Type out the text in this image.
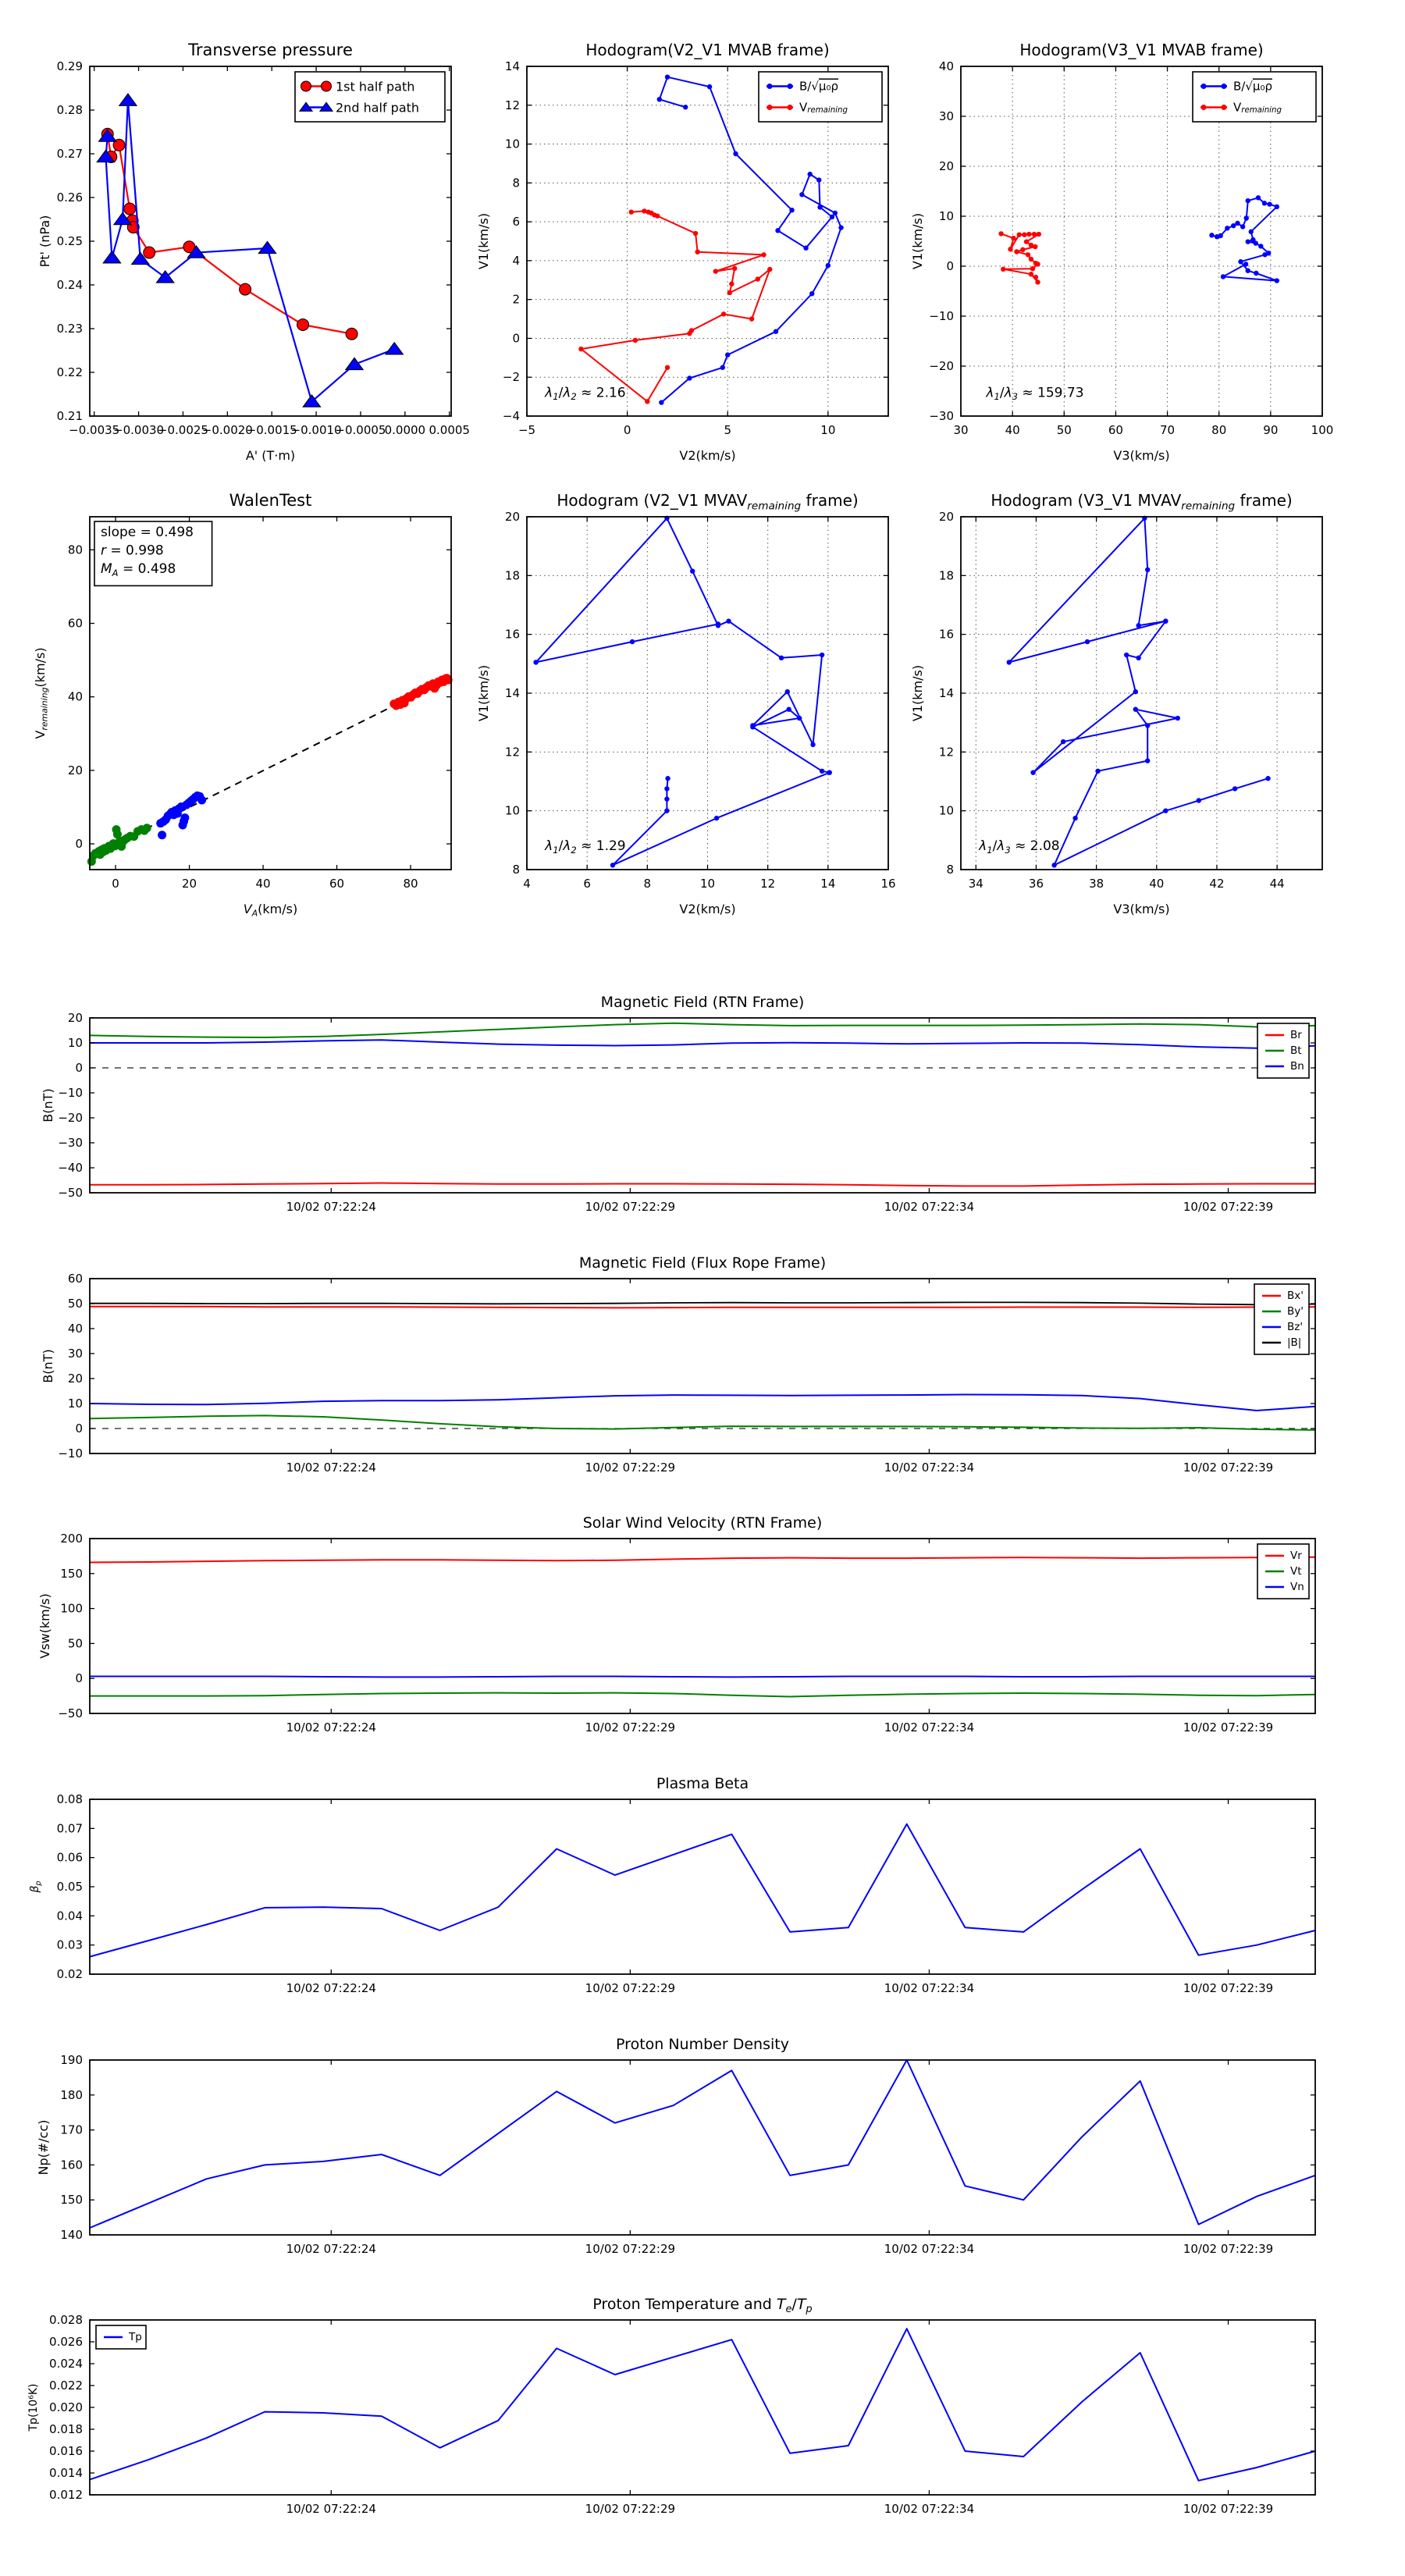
−0.0035
−0.0030
−0.0025
−0.0020
−0.0015
−0.0010
−0.0005
0.0000 0.0005
0.21
0.22
0.23
0.24
0.25
0.26
0.27
0.28
0.29
Transverse pressure
A' (T·m)
Pt' (nPa)
1st half path
2nd half path
−5	0	5	10
−4
−2
0
2
4
6
8
10
12
14
Hodogram(V2_V1 MVAB frame)
V2(km/s)
V1(km/s)
$\lambda_1/\lambda_2 \approx 2.16$
B/√μ₀ρ
$V_{remaining}$
30	40	50	60	70	80	90	100
−30
−20
−10
0
10
20
30
40
Hodogram(V3_V1 MVAB frame)
V3(km/s)
V1(km/s)
$\lambda_1/\lambda_3 \approx 159.73$
B/√μ₀ρ
$V_{remaining}$
0	20	40	60	80
0
20
40
60
80
WalenTest
$V_A(km/s)$
$V_{remaining}(km/s)$
slope = 0.498
r = 0.998
$M_A = 0.498$
4	6	8	10	12	14	16
8
10
12
14
16
18
20
Hodogram (V2_V1 $MVAV_{remaining}$ frame)
V2(km/s)
V1(km/s)
$\lambda_1/\lambda_2 \approx 1.29$
34	36	38	40	42	44
8
10
12
14
16
18
20
Hodogram (V3_V1 $MVAV_{remaining}$ frame)
V3(km/s)
V1(km/s)
$\lambda_1/\lambda_3 \approx 2.08$
10/02 07:22:24	10/02 07:22:29	10/02 07:22:34	10/02 07:22:39
−50
−40
−30
−20
−10
0
10
20
Magnetic Field (RTN Frame)
B(nT)
Br
Bt
Bn
10/02 07:22:24	10/02 07:22:29	10/02 07:22:34	10/02 07:22:39
−10
0
10
20
30
40
50
60
Magnetic Field (Flux Rope Frame)
B(nT)
Bx'
By'
Bz'
|B|
10/02 07:22:24	10/02 07:22:29	10/02 07:22:34	10/02 07:22:39
−50
0
50
100
150
200
Solar Wind Velocity (RTN Frame)
Vsw(km/s)
Vr
Vt
Vn
10/02 07:22:24	10/02 07:22:29	10/02 07:22:34	10/02 07:22:39
0.02
0.03
0.04
0.05
0.06
0.07
0.08
Plasma Beta
$\beta_p$
10/02 07:22:24	10/02 07:22:29	10/02 07:22:34	10/02 07:22:39
140
150
160
170
180
190
Proton Number Density
Np(#/cc)
10/02 07:22:24	10/02 07:22:29	10/02 07:22:34	10/02 07:22:39
0.012
0.014
0.016
0.018
0.020
0.022
0.024
0.026
0.028
Proton Temperature and $T_e/T_p$
Tp(10⁶K)
Tp
